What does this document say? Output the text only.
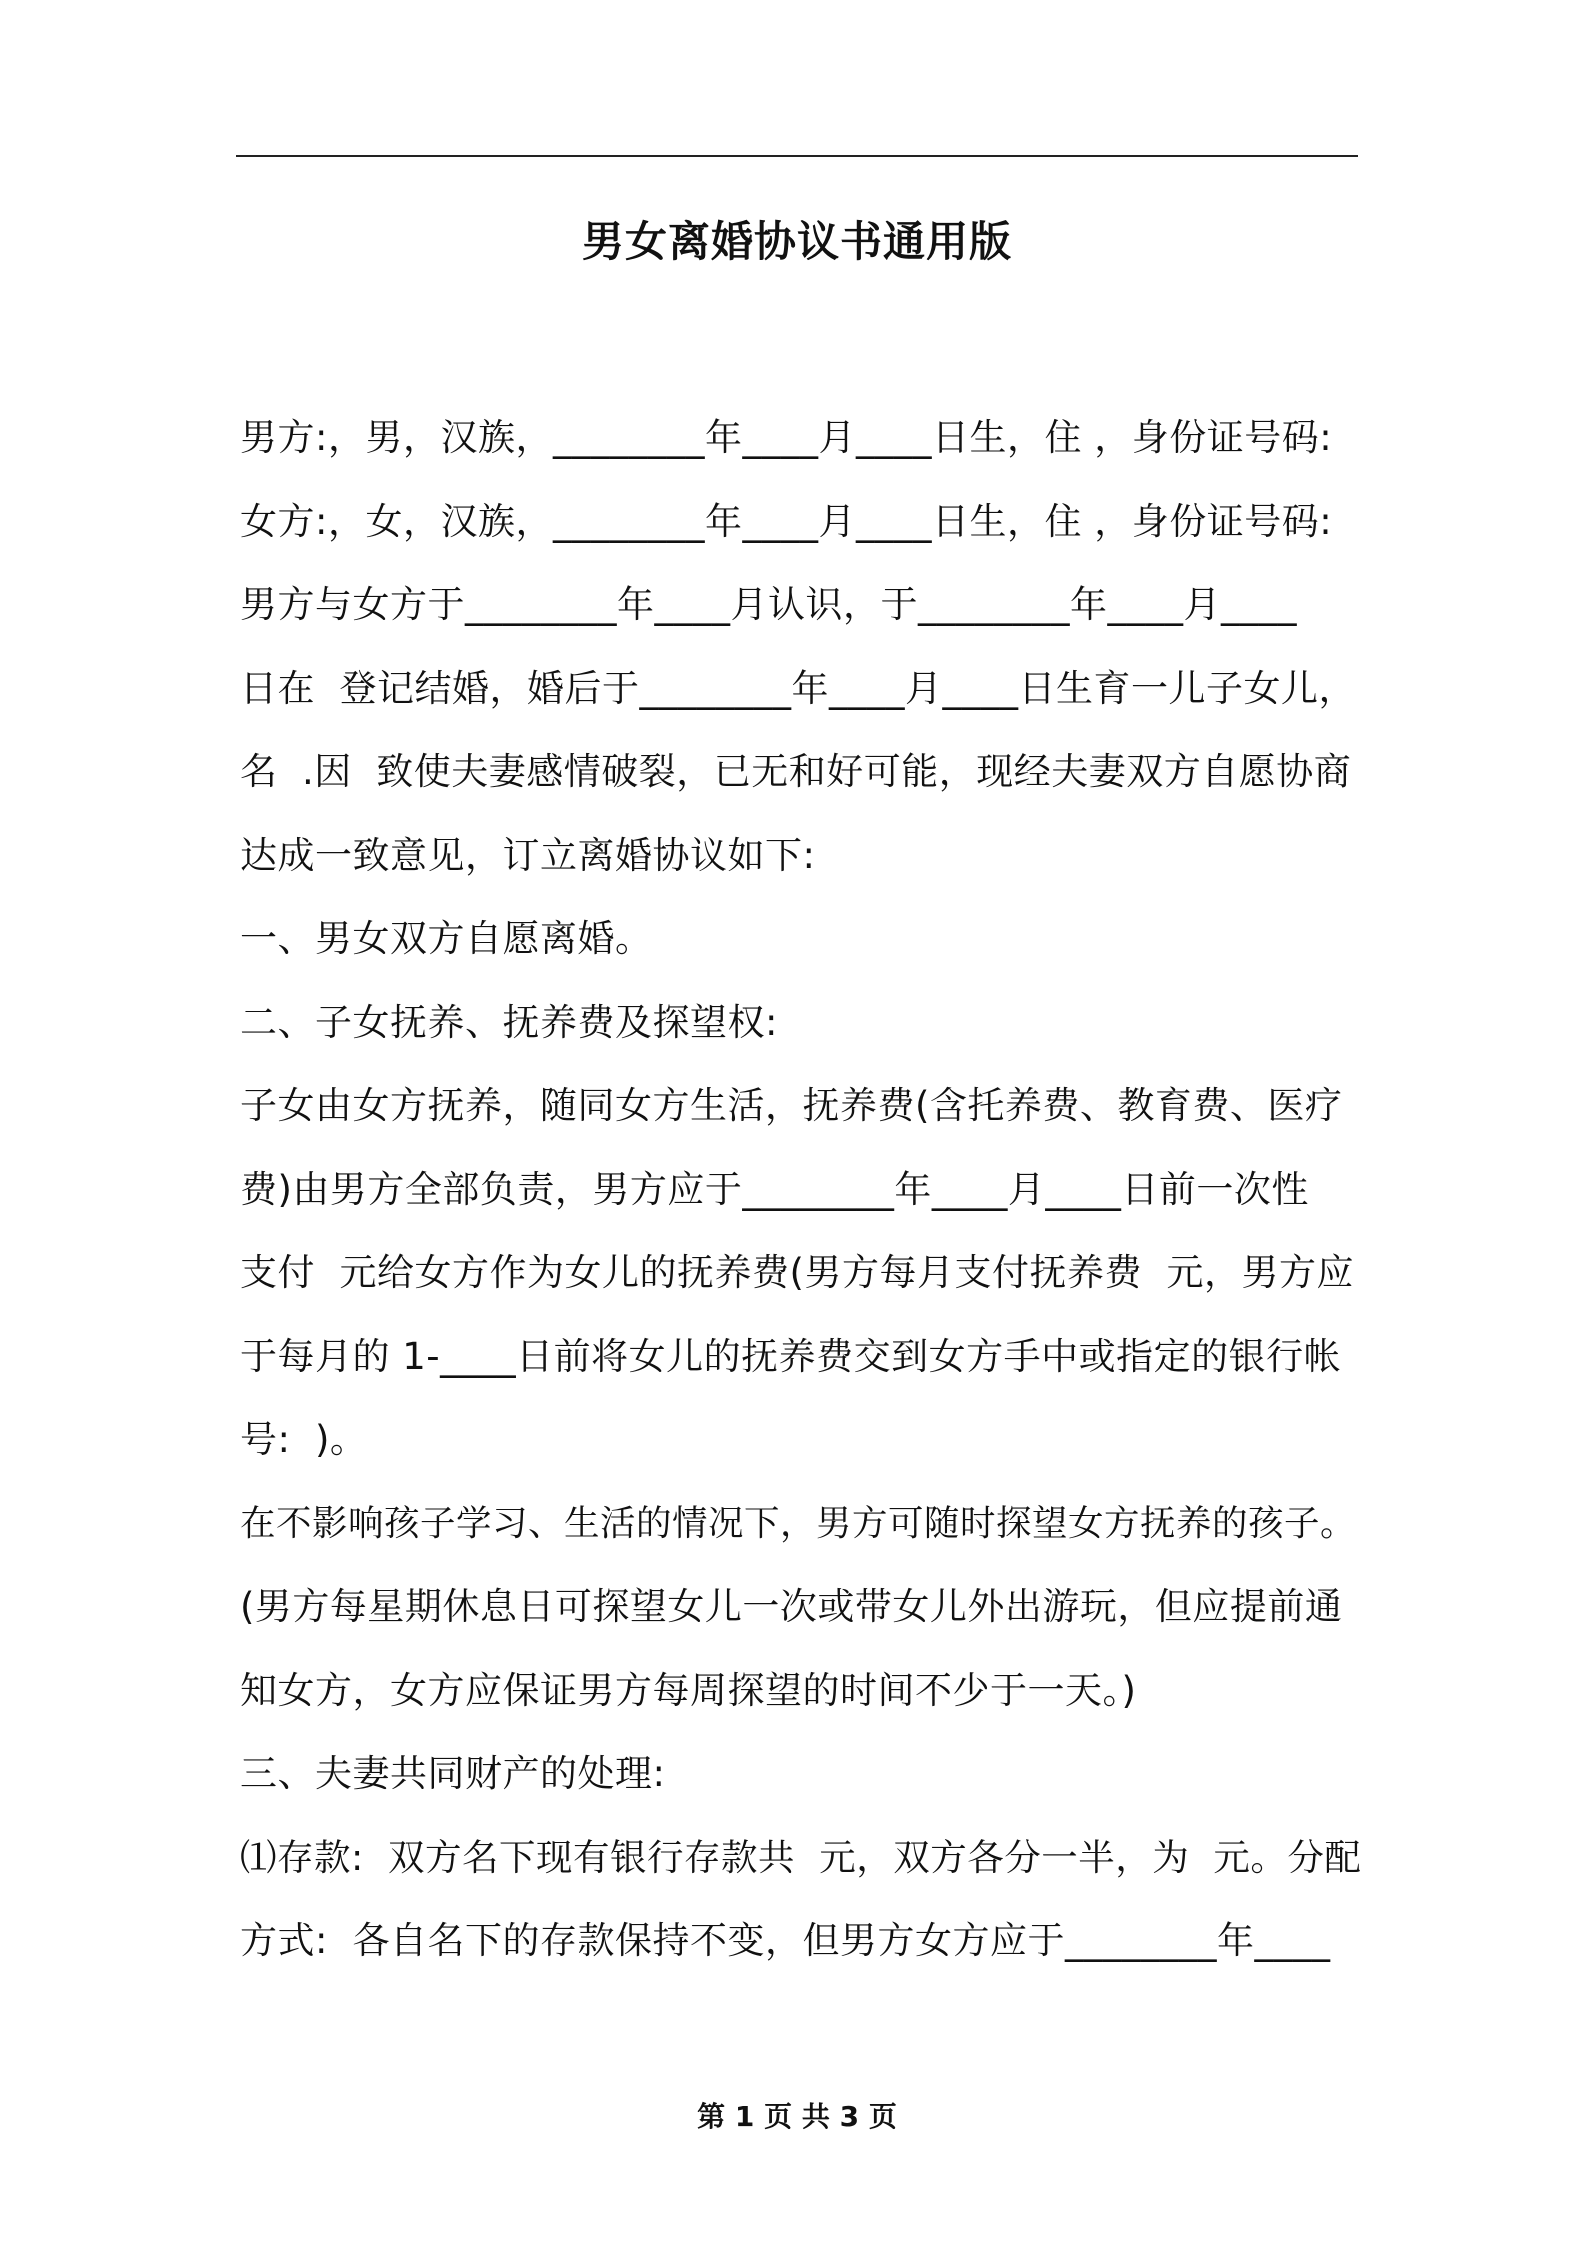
男女离婚协议书通用版
男方:，男，汉族，________年____月____日生，住 ，身份证号码:
女方:，女，汉族，________年____月____日生，住 ，身份证号码:
男方与女方于________年____月认识，于________年____月____
日在  登记结婚，婚后于________年____月____日生育一儿子女儿，
名  .因  致使夫妻感情破裂，已无和好可能，现经夫妻双方自愿协商
达成一致意见，订立离婚协议如下:
一、男女双方自愿离婚。
二、子女抚养、抚养费及探望权:
子女由女方抚养，随同女方生活，抚养费(含托养费、教育费、医疗
费)由男方全部负责，男方应于________年____月____日前一次性
支付  元给女方作为女儿的抚养费(男方每月支付抚养费  元，男方应
于每月的 1-____日前将女儿的抚养费交到女方手中或指定的银行帐
号:  )。
在不影响孩子学习、生活的情况下，男方可随时探望女方抚养的孩子。
(男方每星期休息日可探望女儿一次或带女儿外出游玩，但应提前通
知女方，女方应保证男方每周探望的时间不少于一天。)
三、夫妻共同财产的处理:
⑴存款:  双方名下现有银行存款共  元，双方各分一半，为  元。分配
方式:  各自名下的存款保持不变，但男方女方应于________年____
第 1 页 共 3 页
